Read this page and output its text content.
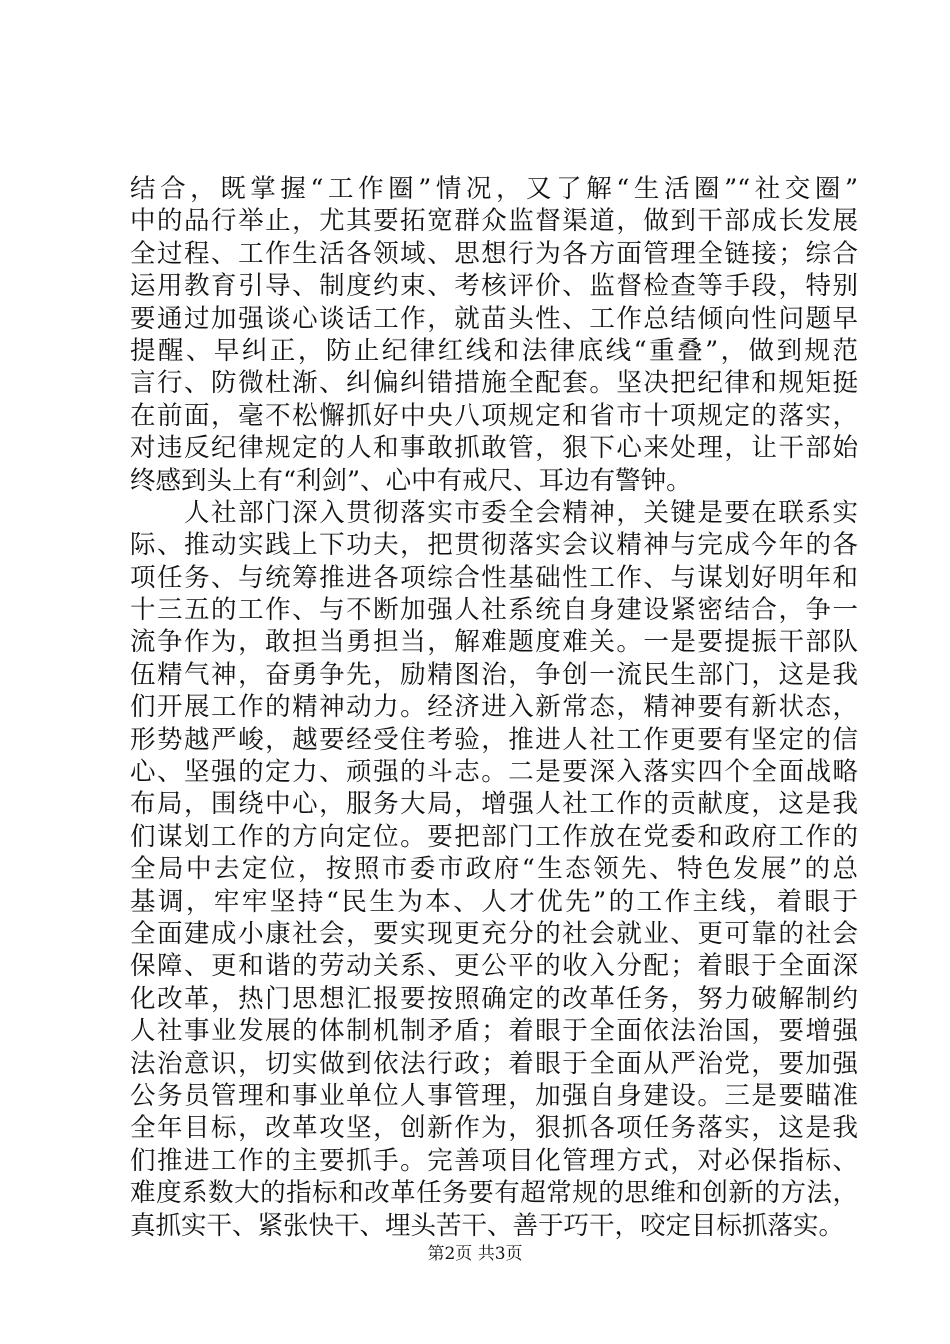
结合，既掌握“工作圈”情况，又了解“生活圈”“社交圈”
中的品行举止，尤其要拓宽群众监督渠道，做到干部成长发展
全过程、工作生活各领域、思想行为各方面管理全链接；综合
运用教育引导、制度约束、考核评价、监督检查等手段，特别
要通过加强谈心谈话工作，就苗头性、工作总结倾向性问题早
提醒、早纠正，防止纪律红线和法律底线“重叠”，做到规范
言行、防微杜渐、纠偏纠错措施全配套。坚决把纪律和规矩挺
在前面，毫不松懈抓好中央八项规定和省市十项规定的落实，
对违反纪律规定的人和事敢抓敢管，狠下心来处理，让干部始
终感到头上有“利剑”、心中有戒尺、耳边有警钟。
　　人社部门深入贯彻落实市委全会精神，关键是要在联系实
际、推动实践上下功夫，把贯彻落实会议精神与完成今年的各
项任务、与统筹推进各项综合性基础性工作、与谋划好明年和
十三五的工作、与不断加强人社系统自身建设紧密结合，争一
流争作为，敢担当勇担当，解难题度难关。一是要提振干部队
伍精气神，奋勇争先，励精图治，争创一流民生部门，这是我
们开展工作的精神动力。经济进入新常态，精神要有新状态，
形势越严峻，越要经受住考验，推进人社工作更要有坚定的信
心、坚强的定力、顽强的斗志。二是要深入落实四个全面战略
布局，围绕中心，服务大局，增强人社工作的贡献度，这是我
们谋划工作的方向定位。要把部门工作放在党委和政府工作的
全局中去定位，按照市委市政府“生态领先、特色发展”的总
基调，牢牢坚持“民生为本、人才优先”的工作主线，着眼于
全面建成小康社会，要实现更充分的社会就业、更可靠的社会
保障、更和谐的劳动关系、更公平的收入分配；着眼于全面深
化改革，热门思想汇报要按照确定的改革任务，努力破解制约
人社事业发展的体制机制矛盾；着眼于全面依法治国，要增强
法治意识，切实做到依法行政；着眼于全面从严治党，要加强
公务员管理和事业单位人事管理，加强自身建设。三是要瞄准
全年目标，改革攻坚，创新作为，狠抓各项任务落实，这是我
们推进工作的主要抓手。完善项目化管理方式，对必保指标、
难度系数大的指标和改革任务要有超常规的思维和创新的方法，
真抓实干、紧张快干、埋头苦干、善于巧干，咬定目标抓落实。
第2页 共3页
